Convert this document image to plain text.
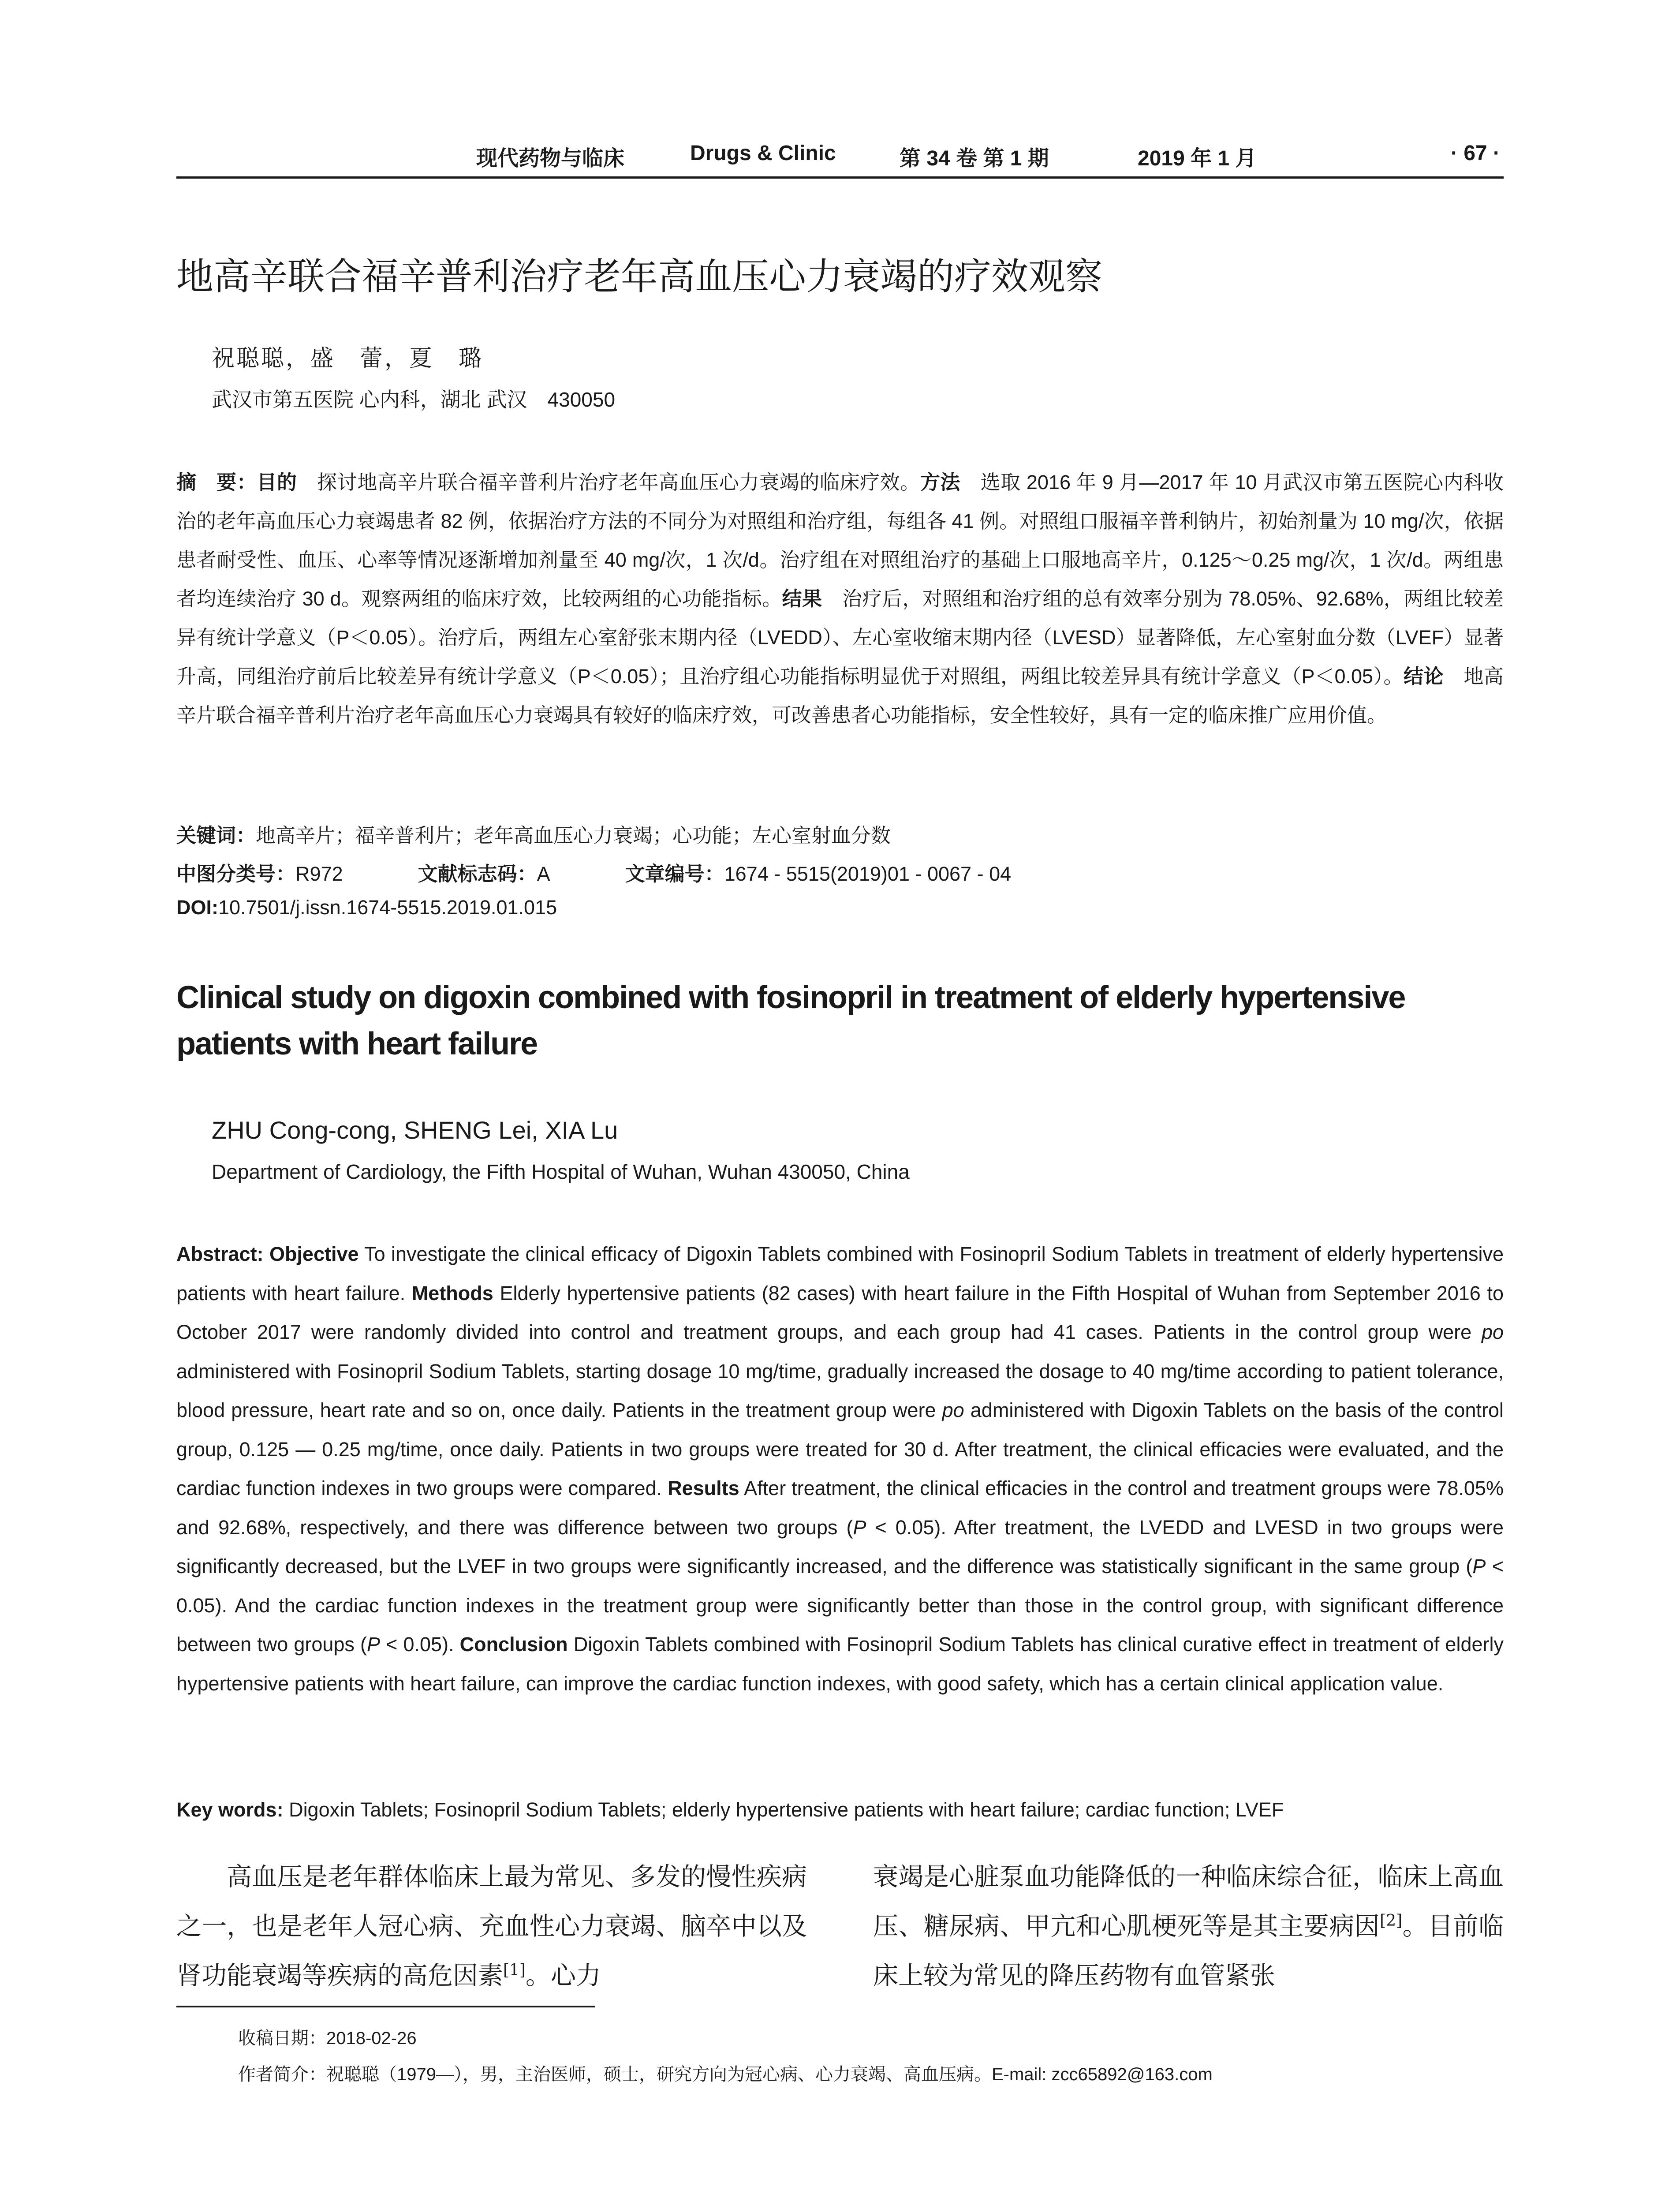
现代药物与临床	Drugs & Clinic	第 34 卷 第 1 期	2019 年 1 月	· 67 ·
地高辛联合福辛普利治疗老年高血压心力衰竭的疗效观察
祝聪聪，盛　蕾，夏　璐
武汉市第五医院 心内科，湖北 武汉　430050
摘　要：目的　探讨地高辛片联合福辛普利片治疗老年高血压心力衰竭的临床疗效。方法　选取 2016 年 9 月—2017 年 10 月武汉市第五医院心内科收治的老年高血压心力衰竭患者 82 例，依据治疗方法的不同分为对照组和治疗组，每组各 41 例。对照组口服福辛普利钠片，初始剂量为 10 mg/次，依据患者耐受性、血压、心率等情况逐渐增加剂量至 40 mg/次，1 次/d。治疗组在对照组治疗的基础上口服地高辛片，0.125～0.25 mg/次，1 次/d。两组患者均连续治疗 30 d。观察两组的临床疗效，比较两组的心功能指标。结果　治疗后，对照组和治疗组的总有效率分别为 78.05%、92.68%，两组比较差异有统计学意义（P＜0.05）。治疗后，两组左心室舒张末期内径（LVEDD）、左心室收缩末期内径（LVESD）显著降低，左心室射血分数（LVEF）显著升高，同组治疗前后比较差异有统计学意义（P＜0.05）；且治疗组心功能指标明显优于对照组，两组比较差异具有统计学意义（P＜0.05）。结论　地高辛片联合福辛普利片治疗老年高血压心力衰竭具有较好的临床疗效，可改善患者心功能指标，安全性较好，具有一定的临床推广应用价值。
关键词：地高辛片；福辛普利片；老年高血压心力衰竭；心功能；左心室射血分数
中图分类号：R972	文献标志码：A	文章编号：1674 - 5515(2019)01 - 0067 - 04
DOI:10.7501/j.issn.1674-5515.2019.01.015
Clinical study on digoxin combined with fosinopril in treatment of elderly hypertensive patients with heart failure
ZHU Cong-cong, SHENG Lei, XIA Lu
Department of Cardiology, the Fifth Hospital of Wuhan, Wuhan 430050, China
Abstract: Objective To investigate the clinical efficacy of Digoxin Tablets combined with Fosinopril Sodium Tablets in treatment of elderly hypertensive patients with heart failure. Methods Elderly hypertensive patients (82 cases) with heart failure in the Fifth Hospital of Wuhan from September 2016 to October 2017 were randomly divided into control and treatment groups, and each group had 41 cases. Patients in the control group were po administered with Fosinopril Sodium Tablets, starting dosage 10 mg/time, gradually increased the dosage to 40 mg/time according to patient tolerance, blood pressure, heart rate and so on, once daily. Patients in the treatment group were po administered with Digoxin Tablets on the basis of the control group, 0.125 — 0.25 mg/time, once daily. Patients in two groups were treated for 30 d. After treatment, the clinical efficacies were evaluated, and the cardiac function indexes in two groups were compared. Results After treatment, the clinical efficacies in the control and treatment groups were 78.05% and 92.68%, respectively, and there was difference between two groups (P < 0.05). After treatment, the LVEDD and LVESD in two groups were significantly decreased, but the LVEF in two groups were significantly increased, and the difference was statistically significant in the same group (P < 0.05). And the cardiac function indexes in the treatment group were significantly better than those in the control group, with significant difference between two groups (P < 0.05). Conclusion Digoxin Tablets combined with Fosinopril Sodium Tablets has clinical curative effect in treatment of elderly hypertensive patients with heart failure, can improve the cardiac function indexes, with good safety, which has a certain clinical application value.
Key words: Digoxin Tablets; Fosinopril Sodium Tablets; elderly hypertensive patients with heart failure; cardiac function; LVEF
高血压是老年群体临床上最为常见、多发的慢性疾病之一，也是老年人冠心病、充血性心力衰竭、脑卒中以及肾功能衰竭等疾病的高危因素[1]。心力
衰竭是心脏泵血功能降低的一种临床综合征，临床上高血压、糖尿病、甲亢和心肌梗死等是其主要病因[2]。目前临床上较为常见的降压药物有血管紧张
收稿日期：2018-02-26
作者简介：祝聪聪（1979—），男，主治医师，硕士，研究方向为冠心病、心力衰竭、高血压病。E-mail: zcc65892@163.com
